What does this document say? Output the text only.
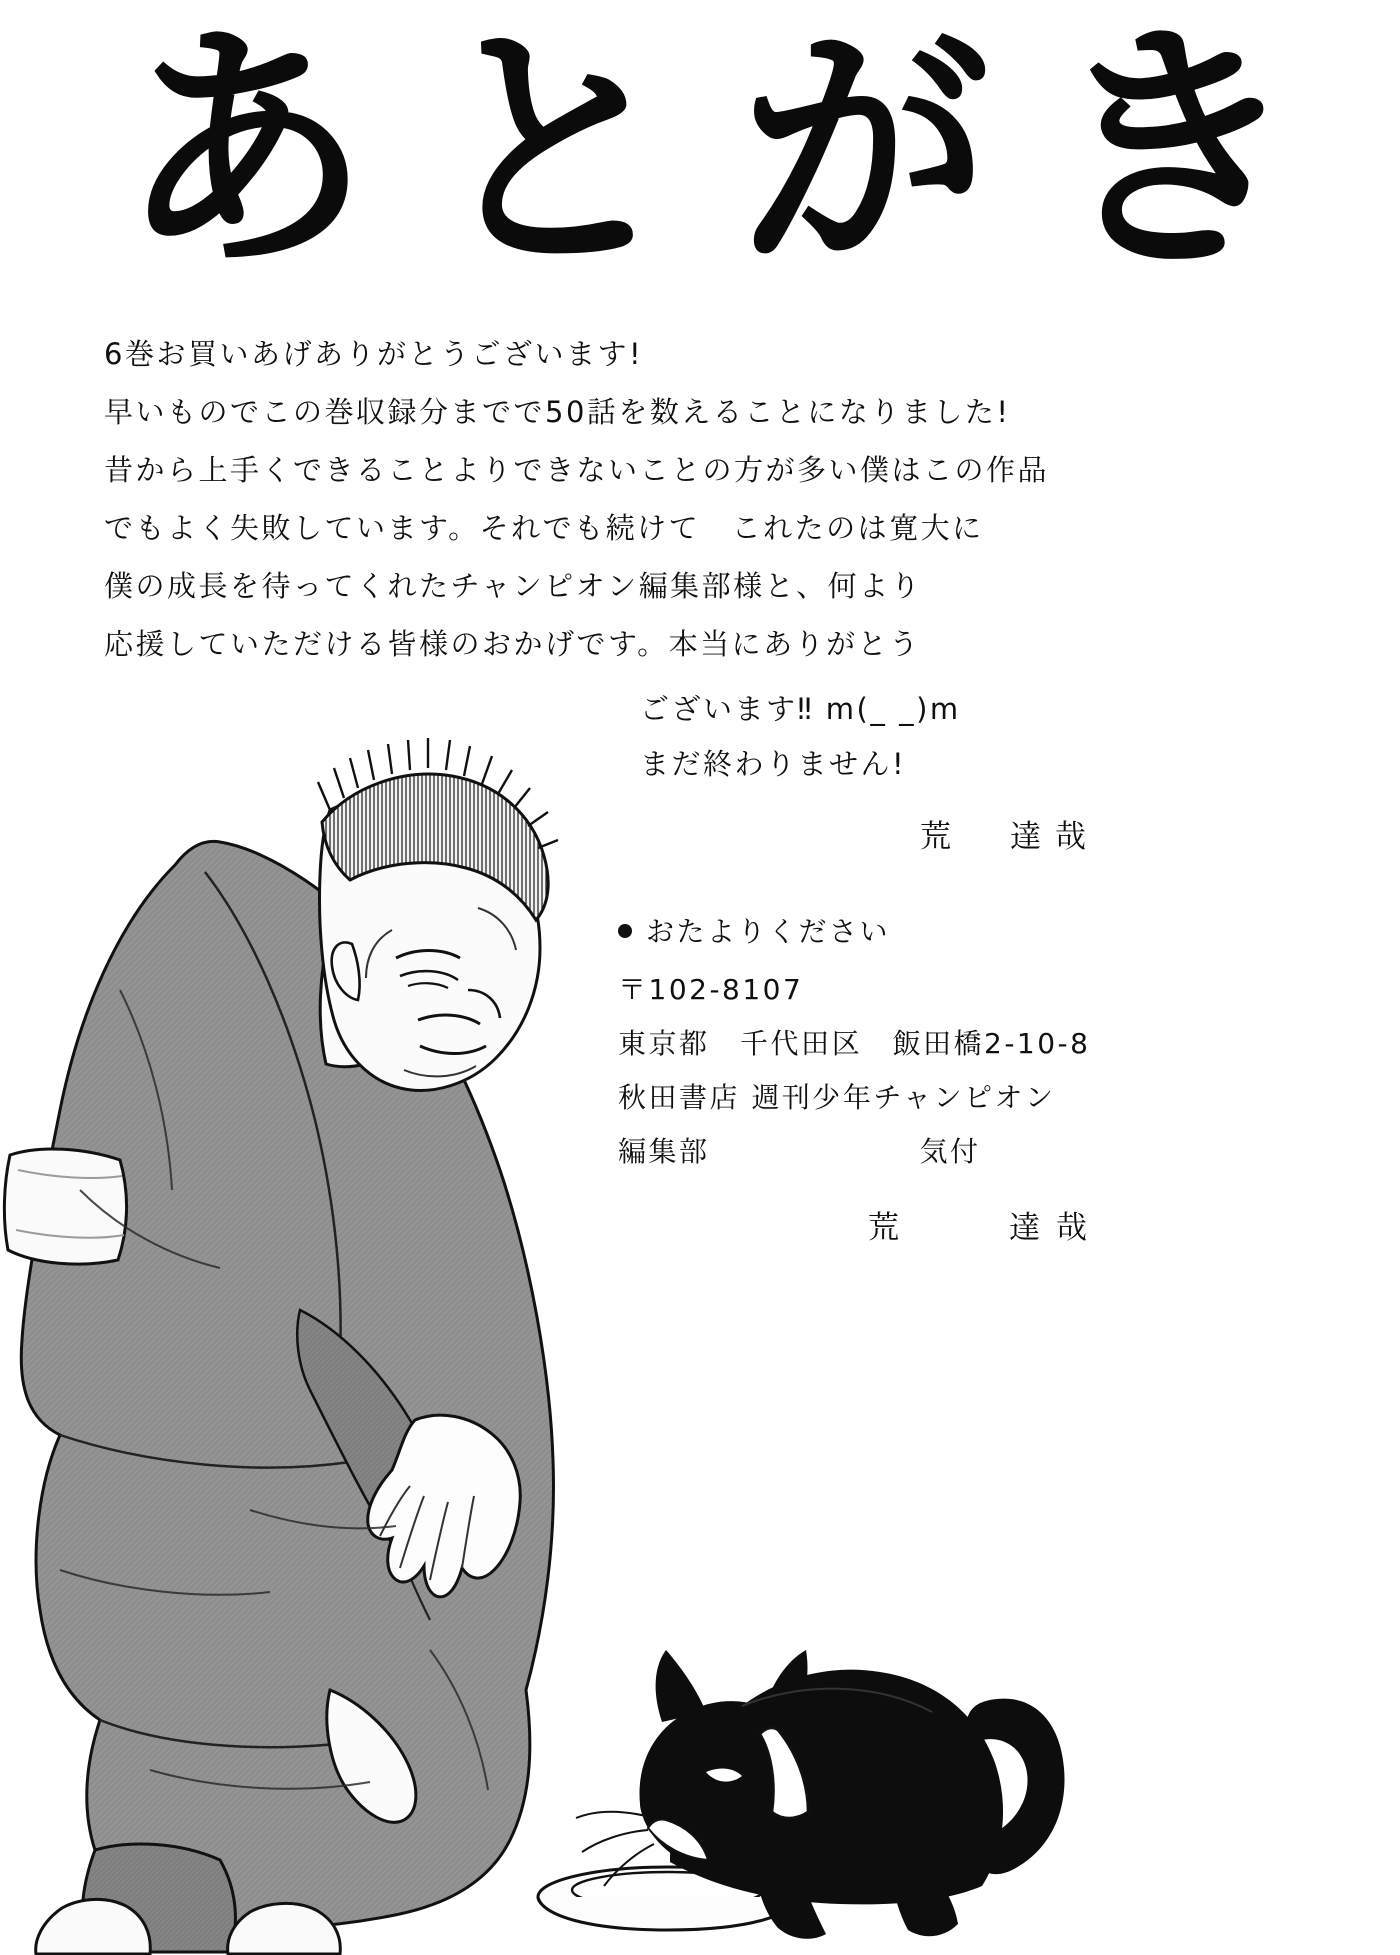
あとがき
6巻お買いあげありがとうございます!
早いものでこの巻収録分までで50話を数えることになりました!
昔から上手くできることよりできないことの方が多い僕はこの作品
でもよく失敗しています。それでも続けて　これたのは寛大に
僕の成長を待ってくれたチャンピオン編集部様と、何より
応援していただける皆様のおかげです。本当にありがとう
ございます‼ m(_ _)m
まだ終わりません!
荒　達哉
おたよりください
〒102-8107
東京都　千代田区　飯田橋2-10-8
秋田書店 週刊少年チャンピオン
編集部	気付
荒　　達哉
